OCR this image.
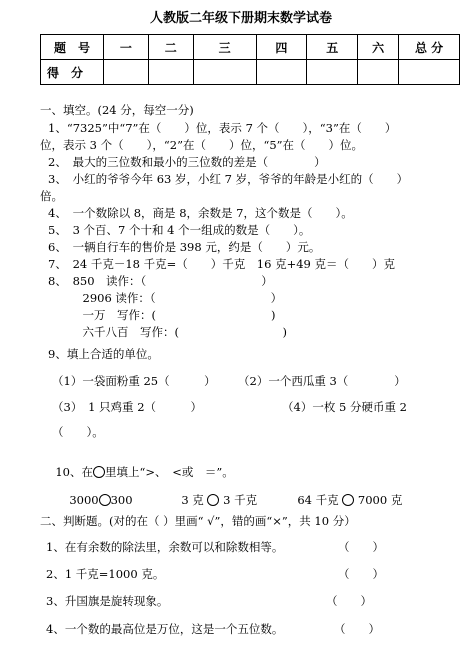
人教版二年级下册期末数学试卷
题　号	一	二	三	四	五	六	总 分
得　分							
一、填空。(24 分，每空一分)
1、“7325”中“7”在（　　）位，表示 7 个（　　），“3”在（　　）
位，表示 3 个（　　），“2”在（　　）位，“5”在（　　）位。
2、　最大的三位数和最小的三位数的差是（　　　　）
3、　小红的爷爷今年 63 岁，小红 7 岁，爷爷的年龄是小红的（　　）
倍。
4、　一个数除以 8，商是 8，余数是 7，这个数是（　　）。
5、　3 个百、7 个十和 4 个一组成的数是（　　）。
6、　一辆自行车的售价是 398 元，约是（　　）元。
7、　24 千克－18 千克=（　　）千克　16 克+49 克＝（　　）克
8、　850　读作：（　　　　　　　　　　）
　　　2906 读作：（　　　　　　　　　　）
　　　一万　写作：(　　　　　　　　　　)
　　　六千八百　写作：(　　　　　　　　　)
9、填上合适的单位。
（1）一袋面粉重 25（　　　） （2）一个西瓜重 3（　　　　）
（3）　1 只鸡重 2（　　　）	（4）一枚 5 分硬币重 2
（　　）。

10、在 里填上“>、　<或　＝”。

3000 300	3 克 3 千克	64 千克 7000 克

二、判断题。(对的在（ ）里画“ √”，错的画“×”，共 10 分）
1、在有余数的除法里，余数可以和除数相等。	（　　）
2、1 千克=1000 克。	（　　）
3、升国旗是旋转现象。	（　　）
4、一个数的最高位是万位，这是一个五位数。	（　　）
